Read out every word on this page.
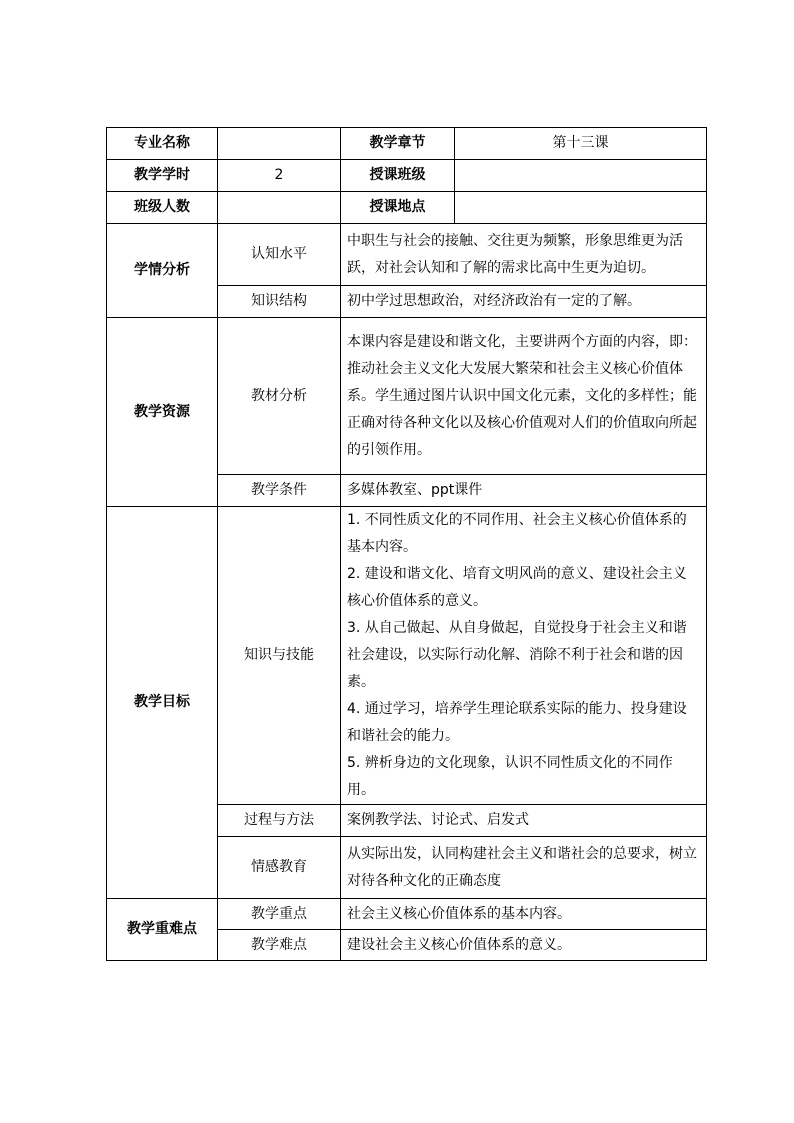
专业名称		教学章节	第十三课
教学学时	2	授课班级	
班级人数		授课地点	
学情分析	认知水平	中职生与社会的接触、交往更为频繁，形象思维更为活跃，对社会认知和了解的需求比高中生更为迫切。	
	知识结构	初中学过思想政治，对经济政治有一定的了解。	
教学资源	教材分析	本课内容是建设和谐文化，主要讲两个方面的内容，即：推动社会主义文化大发展大繁荣和社会主义核心价值体系。学生通过图片认识中国文化元素，文化的多样性；能正确对待各种文化以及核心价值观对人们的价值取向所起的引领作用。	
	教学条件	多媒体教室、ppt课件	
教学目标	知识与技能	1. 不同性质文化的不同作用、社会主义核心价值体系的基本内容。
2. 建设和谐文化、培育文明风尚的意义、建设社会主义核心价值体系的意义。
3. 从自己做起、从自身做起，自觉投身于社会主义和谐社会建设，以实际行动化解、消除不利于社会和谐的因素。
4. 通过学习，培养学生理论联系实际的能力、投身建设和谐社会的能力。
5. 辨析身边的文化现象，认识不同性质文化的不同作用。	

	过程与方法	案例教学法、讨论式、启发式	
	情感教育	从实际出发，认同构建社会主义和谐社会的总要求，树立对待各种文化的正确态度	
教学重难点	教学重点	社会主义核心价值体系的基本内容。	
	教学难点	建设社会主义核心价值体系的意义。	
